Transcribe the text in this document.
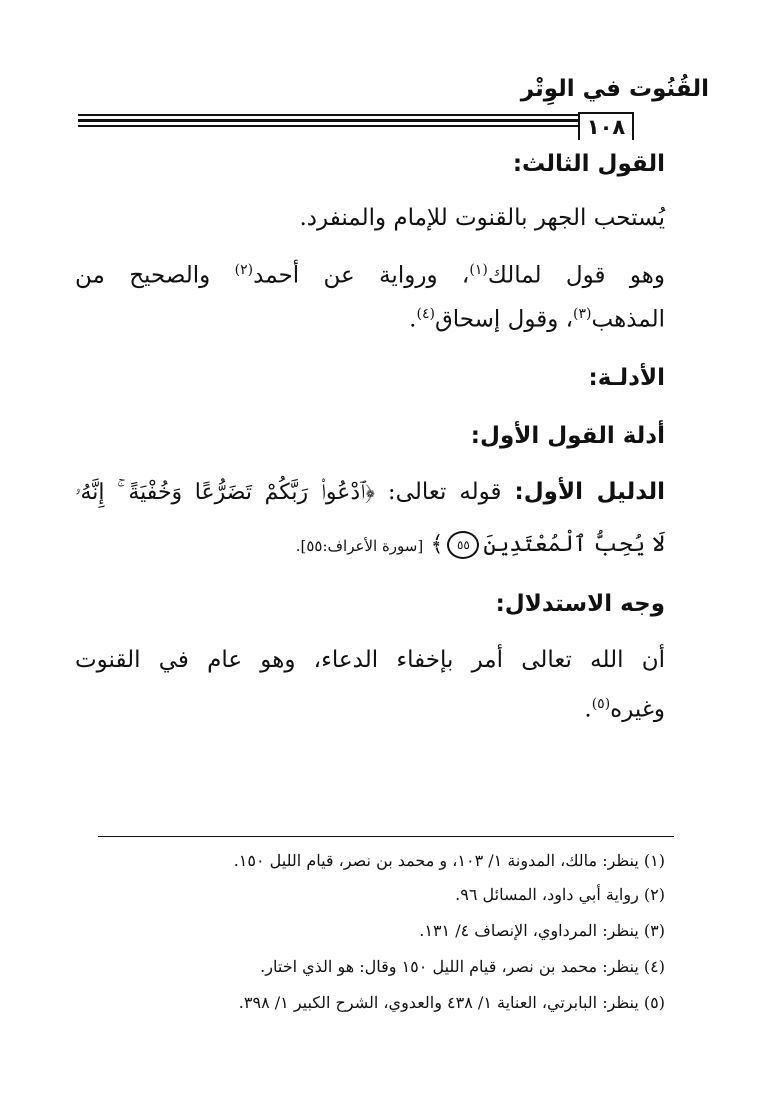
القُنُوت في الوِتْر
١٠٨
القول الثالث:
يُستحب الجهر بالقنوت للإمام والمنفرد.
وهو قول لمالك$^{(١)}$، ورواية عن أحمد$^{(٢)}$ والصحيح من
المذهب$^{(٣)}$، وقول إسحاق$^{(٤)}$.
الأدلـة:
أدلة القول الأول:
الدليل الأول: قوله تعالى: ﴿ٱدْعُوا۟ رَبَّكُمْ تَضَرُّعًا وَخُفْيَةً ۚ إِنَّهُۥ
لَا يُحِبُّ ٱلْمُعْتَدِينَ٥٥﴾ [سورة الأعراف:٥٥].
وجه الاستدلال:
أن الله تعالى أمر بإخفاء الدعاء، وهو عام في القنوت
وغيره$^{(٥)}$.
(١) ينظر: مالك، المدونة ١/ ١٠٣، و محمد بن نصر، قيام الليل ١٥٠.
(٢) رواية أبي داود، المسائل ٩٦.
(٣) ينظر: المرداوي، الإنصاف ٤/ ١٣١.
(٤) ينظر: محمد بن نصر، قيام الليل ١٥٠ وقال: هو الذي اختار.
(٥) ينظر: البابرتي، العناية ١/ ٤٣٨ والعدوي، الشرح الكبير ١/ ٣٩٨.
